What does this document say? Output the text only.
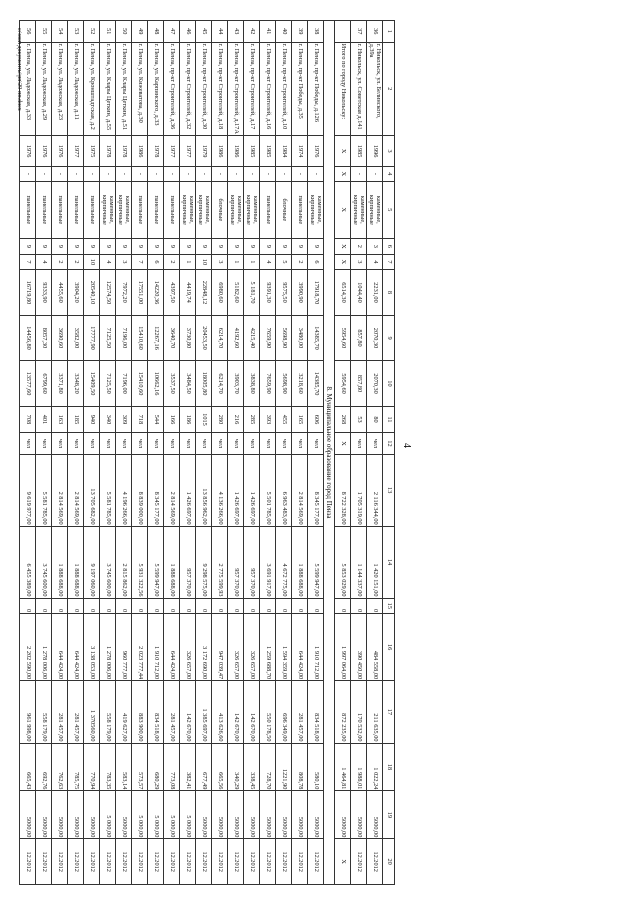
4
1	2	3	4	5	6	7	8	9	10	11	12	13	14	15	16	17	18	19	20
36	г. Никольск, ул. Белинского, д.39а	1996	-	каменные, кирпичные	3	4	2231,00	2070,30	2070,30	80	чел	2 116 344,00	1 420 151,00	0	484 558,00	211 635,00	1 022,24	5000,00	12.2012
37	г. Никольск, ул. Советская д.141	1985	-	каменные, кирпичные	2	3	1044,40	857,80	857,80	53	чел	1 705 319,00	1 144 337,00	0	390 450,00	170 532,00	1 988,01	5000,00	12.2012
	Итого по городу Никольску:	X	X	X	X	X	6514,30	5954,60	5954,60	268	X	8 722 328,00	5 853 029,00	0	1 997 064,00	872 235,00	1 464,81	5000,00	X
8. Муниципальное образование город Пенза																			
38	г. Пенза, пр-кт Победы, д.126	1976	-	каменные, кирпичные	9	6	17918,70	14385,70	14385,70	606	чел	8 345 177,00	5 599 947,00	0	1 910 712,00	834 518,00	580,10	5000,00	12.2012
39	г. Пенза, пр-кт Победы, д.35	1974	-	панельные	9	2	3990,90	3480,00	3218,60	165	чел	2 814 569,00	1 888 688,00	0	644 424,00	281 457,00	808,78	5000,00	12.2012
40	г. Пенза, пр-кт Строителей, д.10	1984	-	блочные	9	5	9575,50	5698,90	5698,90	455	чел	6 963 483,00	4 672 775,00	0	1 594 359,00	696 349,00	1221,90	5000,00	12.2012
41	г. Пенза, пр-кт Строителей, д.16	1985	-	панельные	9	4	9391,30	7659,90	7659,90	393	чел	5 501 785,00	3 691 917,00	0	1 259 688,70	550 178,50	728,70	5000,00	12.2012
42	г. Пенза, пр-кт Строителей, д.17	1985	-	каменные, кирпичные	9	1	5 181,70	4215,40	3838,80	285	чел	1 426 697,00	957 370,00	0	326 657,00	142 670,00	338,45	5000,00	12.2012
43	г. Пенза, пр-кт Строителей, д.17А	1986	-	каменные, кирпичные	9	1	5182,60	4192,60	3903,70	216	чел	1 426 697,00	957 370,00	0	326 657,00	142 670,00	340,29	5000,00	12.2012
44	г. Пенза, пр-кт Строителей, д.18	1986	-	блочные	9	3	6980,60	6214,70	6214,70	280	чел	4 136 266,00	2 775 599,93	0	947 039,47	413 626,60	665,56	5000,00	12.2012
45	г. Пенза, пр-кт Строителей, д.30	1979	-	каменные, кирпичные	9	10	22848,12	20453,50	18005,80	1015	чел	13 856 962,00	9 298 575,00	0	3 172 690,00	1 385 697,00	677,49	5000,00	12.2012
46	г. Пенза, пр-кт Строителей, д.32	1977	-	каменные, кирпичные	9	1	4419,74	3730,80	3484,50	186	чел	1 426 697,00	957 370,00	0	326 657,00	142 670,00	382,41	5 000,00	12.2012
47	г. Пенза, пр-кт Строителей, д.36	1977	-	панельные	9	2	4397,50	3640,70	3537,50	166	чел	2 814 569,00	1 888 688,00	0	644 424,00	281 457,00	773,08	5 000,00	12.2012
48	г. Пенза, ул. Карпинского, д.33	1978	-	панельные	9	6	14220,36	12267,16	10662,16	544	чел	8 345 177,00	5 599 947,00	0	1 910 712,00	834 518,00	680,29	5 000,00	12.2012
49	г. Пенза, ул. Кижеватова, д.30	1986	-	панельные	9	7	17551,00	15410,60	15410,60	718	чел	8 839 000,00	5 931 322,56	0	2 023 777,44	883 900,00	573,57	5 000,00	12.2012
50	г. Пенза, ул. Клары Цеткин, д.51	1978	-	каменные, кирпичные	9	3	7972,20	7196,00	7196,00	309	чел	4 196 266,00	2 815 862,00	0	960 777,00	419 627,00	583,14	5000,00	12.2012
51	г. Пенза, ул. Клары Цеткин, д.55	1978	-	каменные, кирпичные	9	4	12574,50	7125,50	7125,50	340	чел	5 581 785,00	3 745 600,00	0	1 278 006,00	558 179,00	783,35	5 000,00	12.2012
52	г. Пенза, ул. Кронштадтская, д.2	1975	-	панельные	9	10	20540,10	17777,90	15409,50	940	чел	13 705 682,00	9 197 060,00	0	3 138 053,00	1 370560,00	770,94	5000,00	12.2012
53	г. Пенза, ул. Ладожская, д.11	1977	-	панельные	9	2	3904,20	3582,00	3348,20	185	чел	2 814 569,00	1 888 688,00	0	644 424,00	281 457,00	785,75	5000,00	12.2012
54	г. Пенза, ул. Ладожская, д.23	1976	-	панельные	9	2	4455,60	3690,60	3371,80	163	чел	2 814 569,00	1 888 688,00	0	644 424,00	281 457,00	762,63	5000,00	12.2012
55	г. Пенза, ул. Ладожская, д.29	1976	-	панельные	9	4	9333,90	8057,30	6799,60	401	чел	5 581 785,00	3 745 600,00	0	1 278 006,00	558 179,00	692,76	5000,00	12.2012
56	г. Пенза, ул. Ладожская, д.33	1976	-	панельные	9	7	16719,80	14456,80	13577,60	708	чел	9 619 977,00	6 455 389,00	0	2 202 590,00	961 998,00	665,43	5000,00	12.2012
c:\мои документы\рп\29-пп.docx
